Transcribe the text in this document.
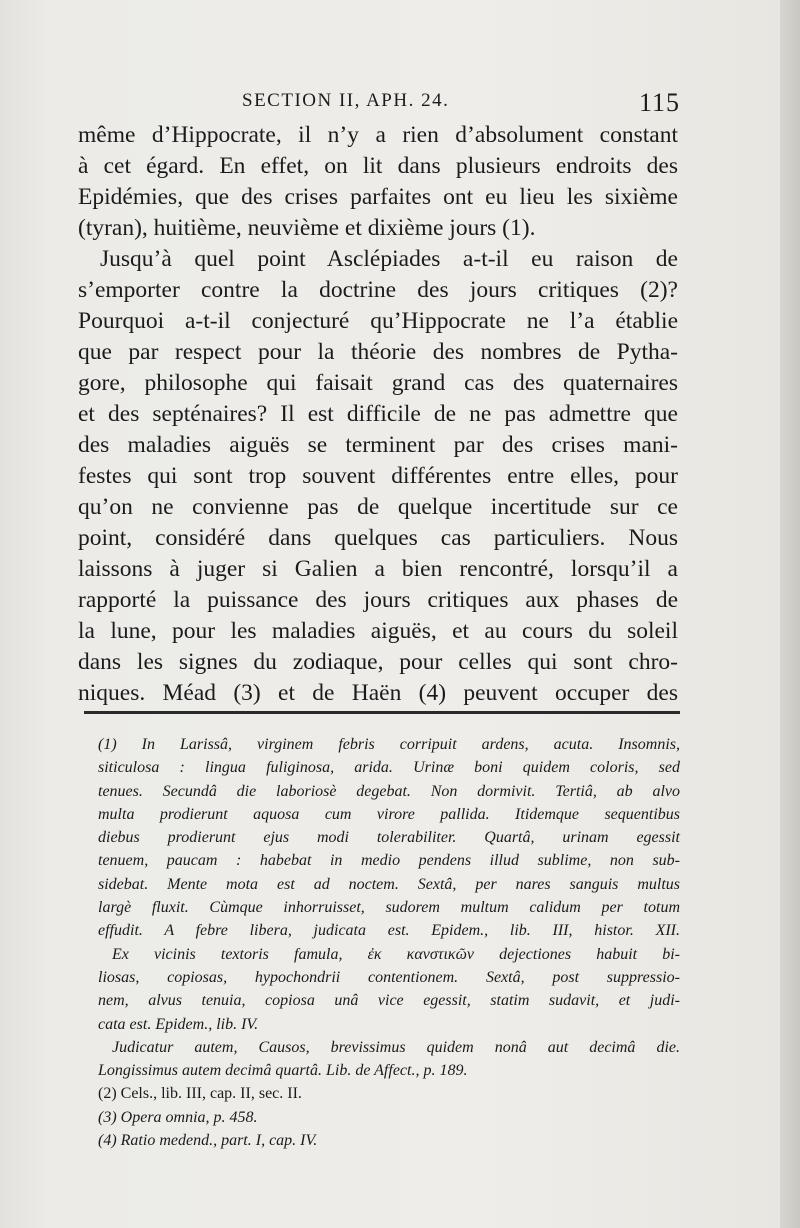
SECTION II, APH. 24.	115
même d’Hippocrate, il n’y a rien d’absolument constant
à cet égard. En effet, on lit dans plusieurs endroits des
Epidémies, que des crises parfaites ont eu lieu les sixième
(tyran), huitième, neuvième et dixième jours (1).
Jusqu’à quel point Asclépiades a-t-il eu raison de
s’emporter contre la doctrine des jours critiques (2)?
Pourquoi a-t-il conjecturé qu’Hippocrate ne l’a établie
que par respect pour la théorie des nombres de Pytha-
gore, philosophe qui faisait grand cas des quaternaires
et des septénaires? Il est difficile de ne pas admettre que
des maladies aiguës se terminent par des crises mani-
festes qui sont trop souvent différentes entre elles, pour
qu’on ne convienne pas de quelque incertitude sur ce
point, considéré dans quelques cas particuliers. Nous
laissons à juger si Galien a bien rencontré, lorsqu’il a
rapporté la puissance des jours critiques aux phases de
la lune, pour les maladies aiguës, et au cours du soleil
dans les signes du zodiaque, pour celles qui sont chro-
niques. Méad (3) et de Haën (4) peuvent occuper des
(1) In Larissâ, virginem febris corripuit ardens, acuta. Insomnis,
siticulosa : lingua fuliginosa, arida. Urinæ boni quidem coloris, sed
tenues. Secundâ die laboriosè degebat. Non dormivit. Tertiâ, ab alvo
multa prodierunt aquosa cum virore pallida. Itidemque sequentibus
diebus prodierunt ejus modi tolerabiliter. Quartâ, urinam egessit
tenuem, paucam : habebat in medio pendens illud sublime, non sub-
sidebat. Mente mota est ad noctem. Sextâ, per nares sanguis multus
largè fluxit. Cùmque inhorruisset, sudorem multum calidum per totum
effudit. A febre libera, judicata est. Epidem., lib. III, histor. XII.
Ex vicinis textoris famula, ἐκ κανστικῶν dejectiones habuit bi-
liosas, copiosas, hypochondrii contentionem. Sextâ, post suppressio-
nem, alvus tenuia, copiosa unâ vice egessit, statim sudavit, et judi-
cata est. Epidem., lib. IV.
Judicatur autem, Causos, brevissimus quidem nonâ aut decimâ die.
Longissimus autem decimâ quartâ. Lib. de Affect., p. 189.
(2) Cels., lib. III, cap. II, sec. II.
(3) Opera omnia, p. 458.
(4) Ratio medend., part. I, cap. IV.
